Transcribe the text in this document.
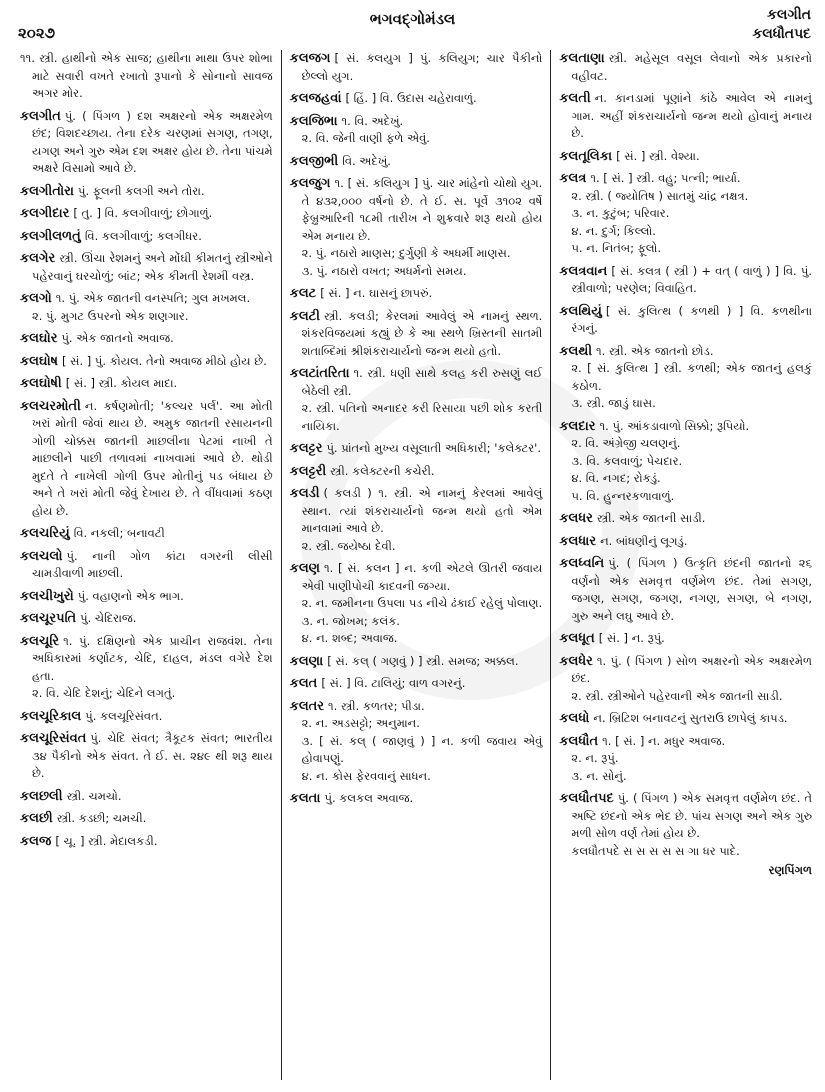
૨૦૨૭
ભગવદ્ગોમંડલ	કલગીત
કલધૌતપદ
૧૧. સ્ત્રી. હાથીનો એક સાજ; હાથીના માથા ઉપર શોભા માટે સવારી વખતે રખાતો રૂપાનો કે સોનાનો સાવજ અગર મોર.
કલગીત પું. ( પિંગળ ) દશ અક્ષરનો એક અક્ષરમેળ છંદ; વિશદચ્છાય. તેના દરેક ચરણમાં સગણ, તગણ, યગણ અને ગુરુ એમ દશ અક્ષર હોય છે. તેના પાંચમે અક્ષરે વિસામો આવે છે.
કલગીતોરા પું. ફૂલની કલગી અને તોરા.
કલગીદાર [ તુ. ] વિ. કલગીવાળું; છોગાળું.
કલગીલળતું વિ. કલગીવાળું; કલગીધર.
કલગેર સ્ત્રી. ઊંચા રેશમનું અને મોંઘી કીમતનું સ્ત્રીઓને પહેરવાનું ઘરચોળું; બાંટ; એક કીમતી રેશમી વસ્ત્ર.
કલગો ૧. પું. એક જાતની વનસ્પતિ; ગુલ મખમલ.
૨. પું. મુગટ ઉપરનો એક શણગાર.
કલઘોર પું. એક જાતનો અવાજ.
કલઘોષ [ સં. ] પું. કોયલ. તેનો અવાજ મીઠો હોય છે.
કલઘોષી [ સં. ] સ્ત્રી. કોયલ માદા.
કલચરમોતી ન. કર્ષણમોતી; 'કલ્ચર પર્લ'. આ મોતી ખરાં મોતી જેવાં થાય છે. અમુક જાતની રસાયનની ગોળી ચોક્કસ જાતની માછલીના પેટમાં નાખી તે માછલીને પાછી તળાવમાં નાખવામાં આવે છે. થોડી મુદતે તે નાખેલી ગોળી ઉપર મોતીનું પડ બંધાય છે અને તે ખરાં મોતી જેવું દેખાય છે. તે વીંધવામાં કઠણ હોય છે.
કલચરિયું વિ. નકલી; બનાવટી
કલચલો પું. નાની ગોળ કાંટા વગરની લીસી ચામડીવાળી માછલી.
કલચીખુરો પું. વહાણનો એક ભાગ.
કલચૂરપતિ પું. ચેદિરાજ.
કલચૂરિ ૧. પું. દક્ષિણનો એક પ્રાચીન રાજવંશ. તેના અધિકારમાં કર્ણાટક, ચેદિ, દાહલ, મંડલ વગેરે દેશ હતા.
૨. વિ. ચેદિ દેશનું; ચેદિને લગતું.
કલચૂરિકાલ પું. કલચૂરિસંવત.
કલચૂરિસંવત પું. ચેદિ સંવત; ત્રૈકૂટક સંવત; ભારતીય ૩૪ પૈકીનો એક સંવત. તે ઈ. સ. ૨૪૯ થી શરૂ થાય છે.
કલછલી સ્ત્રી. ચમચો.
કલછી સ્ત્રી. કડછી; ચમચી.
કલજ [ ચૂ. ] સ્ત્રી. મેદાલકડી.
કલજગ [ સં. કલયુગ ] પું. કલિયુગ; ચાર પૈકીનો છેલ્લો યુગ.
કલજહવાં [ હિં. ] વિ. ઉદાસ ચહેરાવાળું.
કલજિભા ૧. વિ. અદેખું.
૨. વિ. જેની વાણી ફળે એવું.
કલજીભી વિ. અદેખું.
કલજુગ ૧. [ સં. કલિયુગ ] પું. ચાર માંહેનો ચોથો યુગ. તે ૪૩૨,૦૦૦ વર્ષનો છે. તે ઈ. સ. પૂર્વે ૩૧૦૨ વર્ષે ફેબ્રુઆરિની ૧૮મી તારીખ ને શુક્રવારે શરૂ થયો હોય એમ મનાય છે.
૨. પું. નઠારો માણસ; દુર્ગુણી કે અધર્મી માણસ.
૩. પું. નઠારો વખત; અધર્મનો સમય.
કલટ [ સં. ] ન. ઘાસનું છાપરું.
કલટી સ્ત્રી. કલડી; કેરલમાં આવેલું એ નામનું સ્થળ. શંકરવિજયમાં કહ્યું છે કે આ સ્થળે ખ્રિસ્તની સાતમી શતાબ્દિમાં શ્રીશંકરાચાર્યનો જન્મ થયો હતો.
કલટાંતરિતા ૧. સ્ત્રી. ધણી સાથે કલહ કરી રુસણું લઈ બેઠેલી સ્ત્રી.
૨. સ્ત્રી. પતિનો અનાદર કરી રિસાયા પછી શોક કરતી નાયિકા.
કલટ્ટર પું. પ્રાંતનો મુખ્ય વસૂલાતી અધિકારી; 'કલેક્ટર'.
કલટ્ટરી સ્ત્રી. કલેક્ટરની કચેરી.
કલડી ( કલડી ) ૧. સ્ત્રી. એ નામનું કેરલમાં આવેલું સ્થાન. ત્યાં શંકરાચાર્યનો જન્મ થયો હતો એમ માનવામાં આવે છે.
૨. સ્ત્રી. જયેષ્ઠા દેવી.
કલણ ૧. [ સં. કલન ] ન. કળી એટલે ઊતરી જવાય એવી પાણીપોચી કાદવની જગ્યા.
૨. ન. જમીનના ઉપલા પડ નીચે ઢંકાઈ રહેલું પોલાણ.
૩. ન. જોખમ; કલંક.
૪. ન. શબ્દ; અવાજ.
કલણા [ સં. કલ્ ( ગણવું ) ] સ્ત્રી. સમજ; અક્કલ.
કલત [ સં. ] વિ. ટાલિયું; વાળ વગરનું.
કલતર ૧. સ્ત્રી. કળતર; પીડા.
૨. ન. અડસટ્ટો; અનુમાન.
૩. [ સં. કલ્ ( જાણવું ) ] ન. કળી જવાય એવું હોવાપણું.
૪. ન. કોસ ફેરવવાનું સાધન.
કલતા પું. કલકલ અવાજ.
કલતાણા સ્ત્રી. મહેસૂલ વસૂલ લેવાનો એક પ્રકારનો વહીવટ.
કલતી ન. કાનડામાં પૂણાંને કાંઠે આવેલ એ નામનું ગામ. અહીં શંકરાચાર્યનો જન્મ થયો હોવાનું મનાય છે.
કલતૂલિકા [ સં. ] સ્ત્રી. વેશ્યા.
કલત્ર ૧. [ સં. ] સ્ત્રી. વહુ; પત્ની; ભાર્યા.
૨. સ્ત્રી. ( જ્યોતિષ ) સાતમું ચાંદ્ર નક્ષત્ર.
૩. ન. કુટુંબ; પરિવાર.
૪. ન. દુર્ગ; કિલ્લો.
૫. ન. નિતંબ; ફૂલો.
કલત્રવાન [ સં. કલત્ર ( સ્ત્રી ) + વત્ ( વાળું ) ] વિ. પું. સ્ત્રીવાળો; પરણેલ; વિવાહિત.
કલથિયું [ સં. કુલિત્થ ( કળથી ) ] વિ. કળથીના રંગનું.
કલથી ૧. સ્ત્રી. એક જાતનો છોડ.
૨. [ સં. કુલિત્થ ] સ્ત્રી. કળથી; એક જાતનું હલકું કઠોળ.
૩. સ્ત્રી. જાડું ઘાસ.
કલદાર ૧. પું. આંકડાવાળો સિક્કો; રૂપિયો.
૨. વિ. અંગ્રેજી ચલણનું.
૩. વિ. કલવાળું; પેચદાર.
૪. વિ. નગદ; રોકડું.
૫. વિ. હુન્નરકળાવાળું.
કલધર સ્ત્રી. એક જાતની સાડી.
કલધાર ન. બાંધણીનું લૂગડું.
કલધ્વનિ પું. ( પિંગળ ) ઉત્કૃતિ છંદની જાતનો ૨૬ વર્ણનો એક સમવૃત્ત વર્ણમેળ છંદ. તેમાં સગણ, જગણ, સગણ, જગણ, નગણ, સગણ, બે નગણ, ગુરુ અને લઘુ આવે છે.
કલધૂત [ સં. ] ન. રૂપું.
કલધેર ૧. પું. ( પિંગળ ) સોળ અક્ષરનો એક અક્ષરમેળ છંદ.
૨. સ્ત્રી. સ્ત્રીઓને પહેરવાની એક જાતની સાડી.
કલધો ન. બ્રિટિશ બનાવટનું સુતરાઉ છાપેલું કાપડ.
કલધૌત ૧. [ સં. ] ન. મધુર અવાજ.
૨. ન. રૂપું.
૩. ન. સોનું.
કલધૌતપદ પું. ( પિંગળ ) એક સમવૃત્ત વર્ણમેળ છંદ. તે અષ્ટિ છંદનો એક ભેદ છે. પાંચ સગણ અને એક ગુરુ મળી સોળ વર્ણ તેમાં હોય છે.
કલધૌતપદે સ સ સ સ સ ગા ધર પાદે.
રણપિંગળ
